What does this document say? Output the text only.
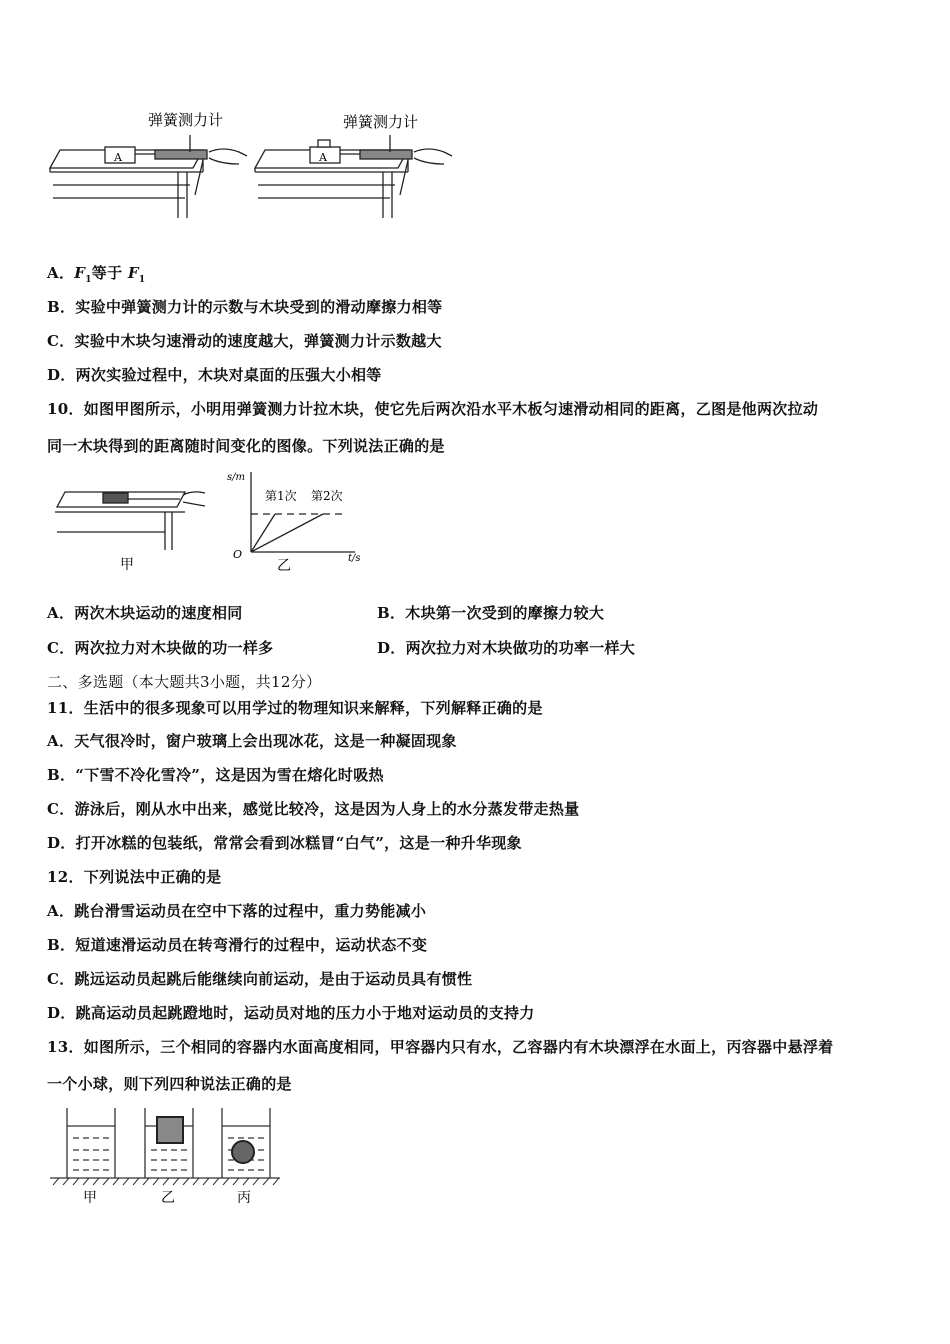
A
弹簧测力计
A
弹簧测力计
A．$F_1$等于 $F_1$
B．实验中弹簧测力计的示数与木块受到的滑动摩擦力相等
C．实验中木块匀速滑动的速度越大，弹簧测力计示数越大
D．两次实验过程中，木块对桌面的压强大小相等
10．如图甲图所示，小明用弹簧测力计拉木块，使它先后两次沿水平木板匀速滑动相同的距离，乙图是他两次拉动
同一木块得到的距离随时间变化的图像。下列说法正确的是
甲
s/m
t/s
O
第1次 第2次
乙
A．两次木块运动的速度相同	B．木块第一次受到的摩擦力较大
C．两次拉力对木块做的功一样多	D．两次拉力对木块做功的功率一样大
二、多选题（本大题共3小题，共12分）
11．生活中的很多现象可以用学过的物理知识来解释，下列解释正确的是
A．天气很冷时，窗户玻璃上会出现冰花，这是一种凝固现象
B．“下雪不冷化雪冷”，这是因为雪在熔化时吸热
C．游泳后，刚从水中出来，感觉比较冷，这是因为人身上的水分蒸发带走热量
D．打开冰糕的包装纸，常常会看到冰糕冒“白气”，这是一种升华现象
12．下列说法中正确的是
A．跳台滑雪运动员在空中下落的过程中，重力势能减小
B．短道速滑运动员在转弯滑行的过程中，运动状态不变
C．跳远运动员起跳后能继续向前运动，是由于运动员具有惯性
D．跳高运动员起跳蹬地时，运动员对地的压力小于地对运动员的支持力
13．如图所示，三个相同的容器内水面高度相同，甲容器内只有水，乙容器内有木块漂浮在水面上，丙容器中悬浮着
一个小球，则下列四种说法正确的是
甲	乙	丙
